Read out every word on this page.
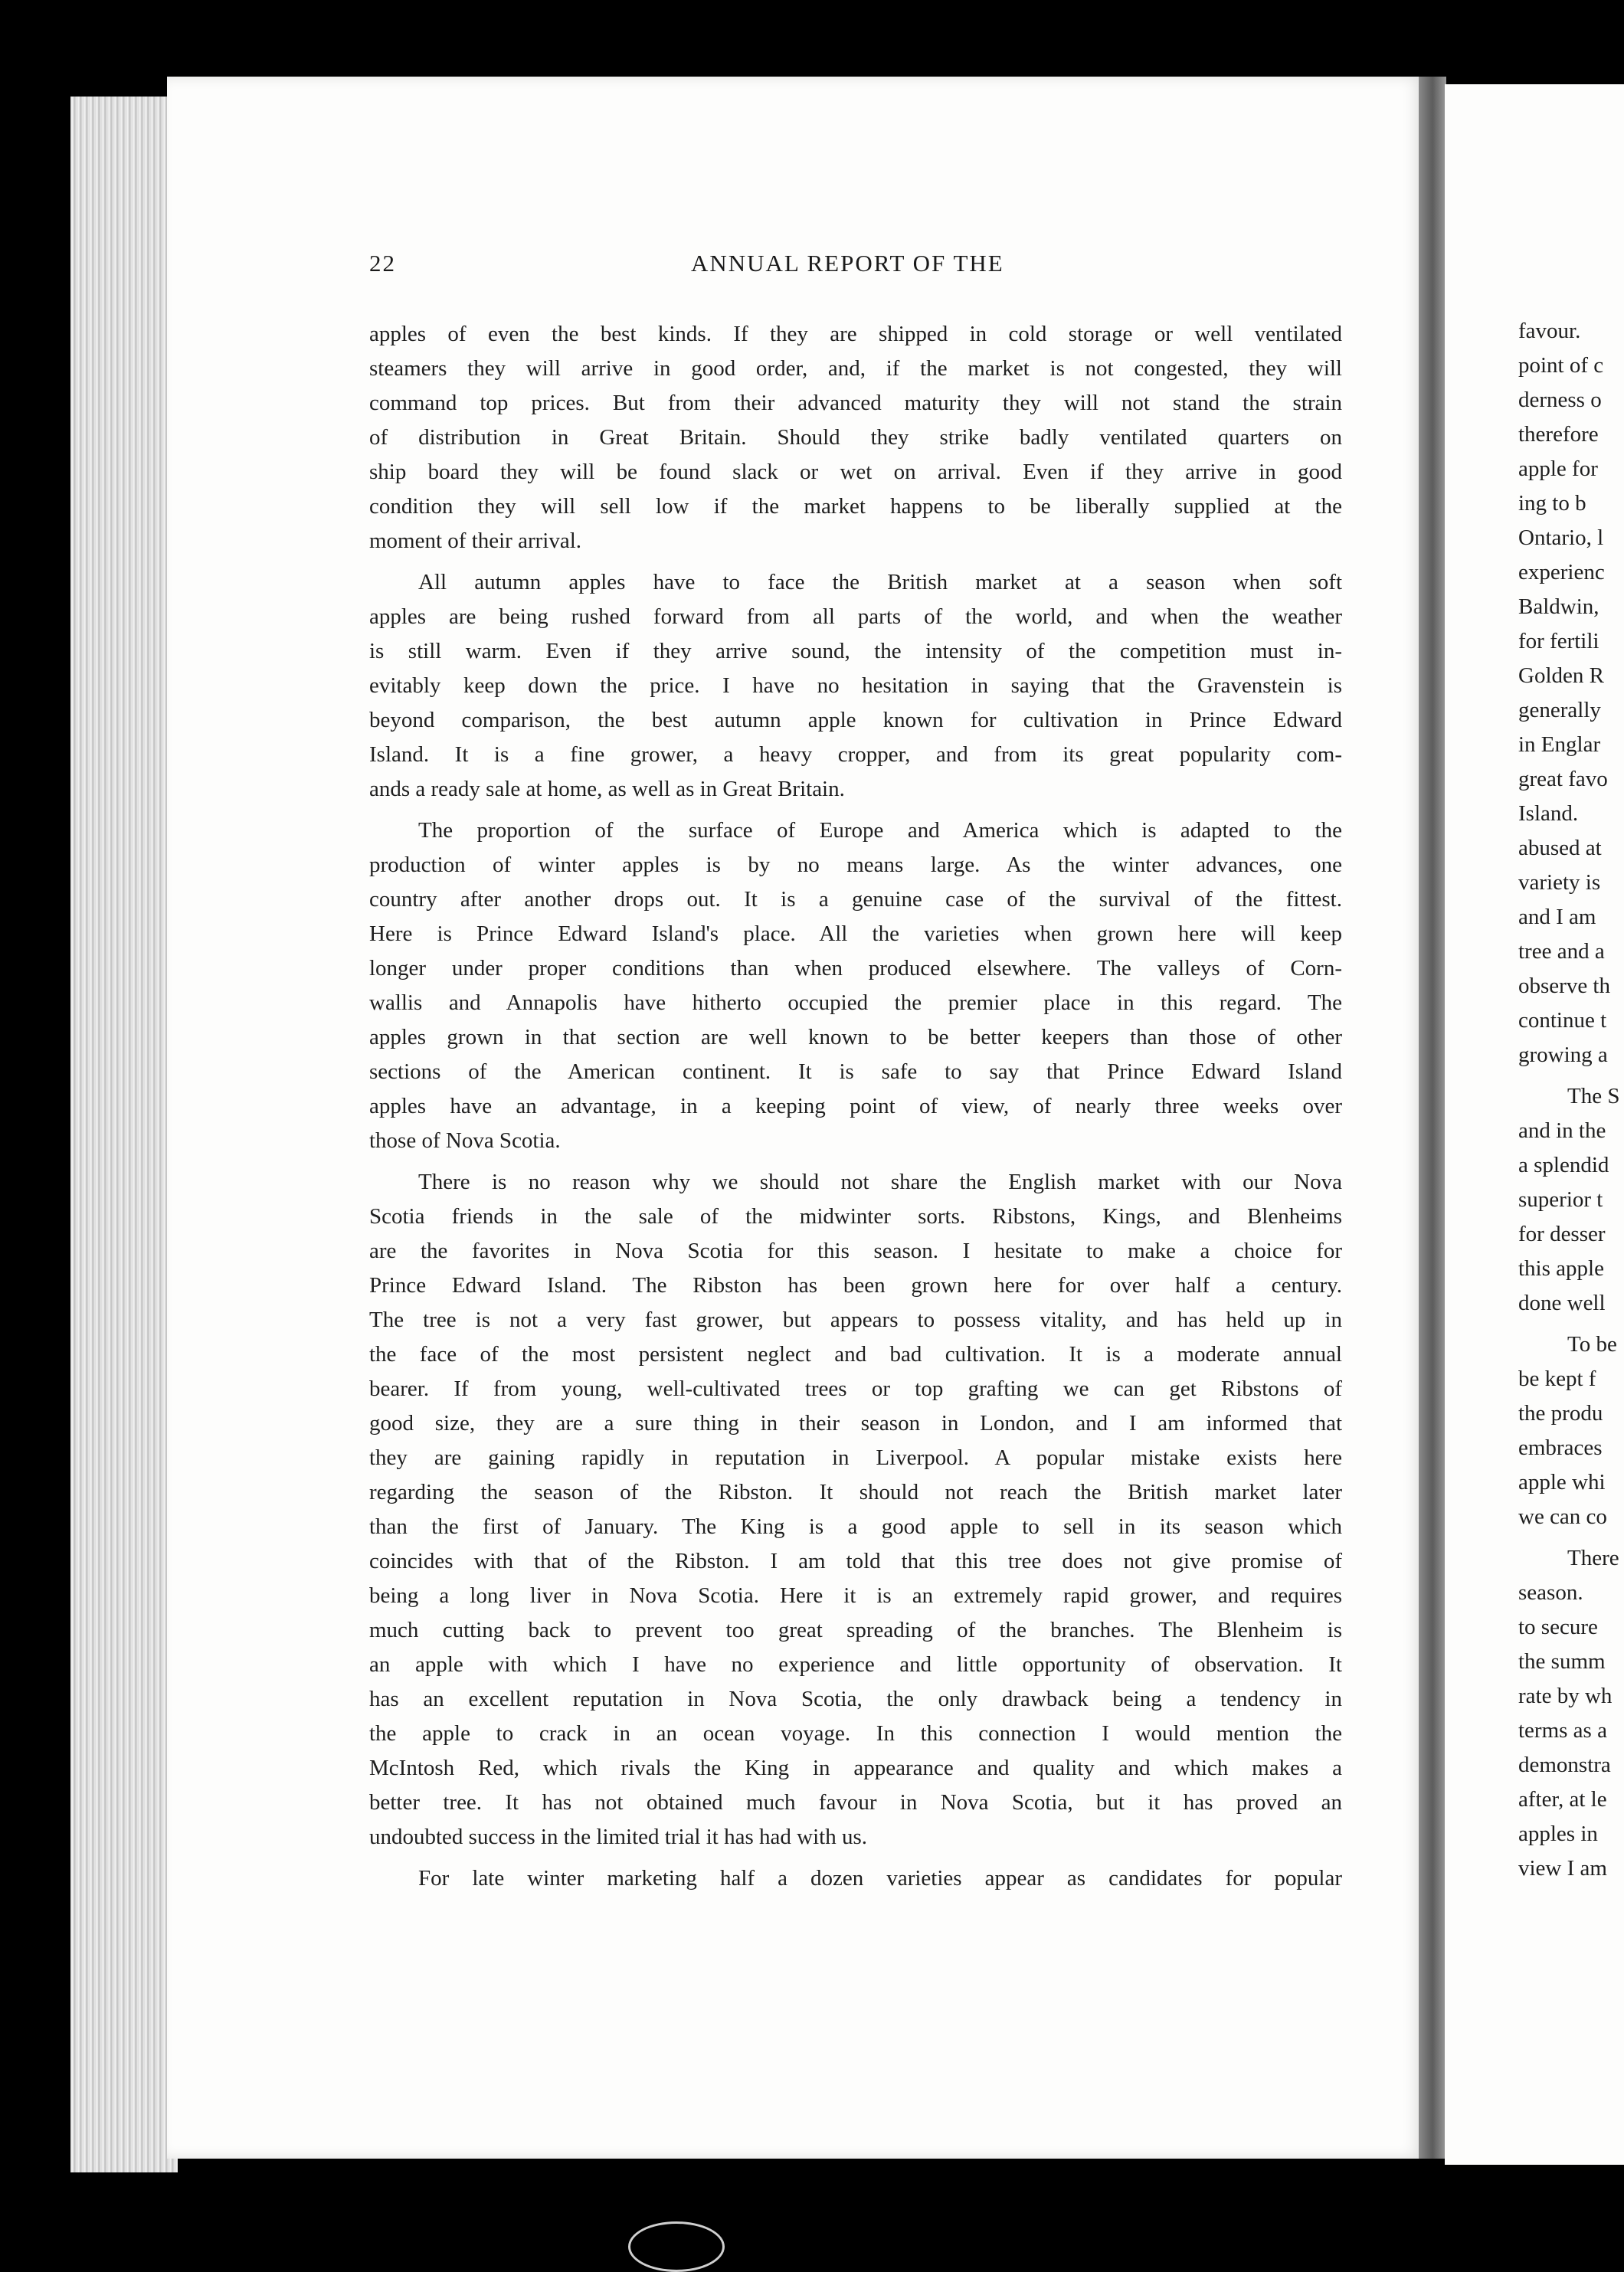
favour.
point of c
derness o
therefore
apple for
ing to b
Ontario, l
experienc
Baldwin,
for fertili
Golden R
generally
in Englar
great favo
Island.
abused at
variety is
and I am
tree and a
observe th
continue t
growing a
The S
and in the
a splendid
superior t
for desser
this apple
done well
To be
be kept f
the produ
embraces
apple whi
we can co
There
season.
to secure
the summ
rate by wh
terms as a
demonstra
after, at le
apples in
view I am
22	ANNUAL REPORT OF THE
apples of even the best kinds. If they are shipped in cold storage or well ventilated
steamers they will arrive in good order, and, if the market is not congested, they will
command top prices. But from their advanced maturity they will not stand the strain
of distribution in Great Britain. Should they strike badly ventilated quarters on
ship board they will be found slack or wet on arrival. Even if they arrive in good
condition they will sell low if the market happens to be liberally supplied at the
moment of their arrival.
All autumn apples have to face the British market at a season when soft
apples are being rushed forward from all parts of the world, and when the weather
is still warm. Even if they arrive sound, the intensity of the competition must in-
evitably keep down the price. I have no hesitation in saying that the Gravenstein is
beyond comparison, the best autumn apple known for cultivation in Prince Edward
Island. It is a fine grower, a heavy cropper, and from its great popularity com-
ands a ready sale at home, as well as in Great Britain.
The proportion of the surface of Europe and America which is adapted to the
production of winter apples is by no means large. As the winter advances, one
country after another drops out. It is a genuine case of the survival of the fittest.
Here is Prince Edward Island's place. All the varieties when grown here will keep
longer under proper conditions than when produced elsewhere. The valleys of Corn-
wallis and Annapolis have hitherto occupied the premier place in this regard. The
apples grown in that section are well known to be better keepers than those of other
sections of the American continent. It is safe to say that Prince Edward Island
apples have an advantage, in a keeping point of view, of nearly three weeks over
those of Nova Scotia.
There is no reason why we should not share the English market with our Nova
Scotia friends in the sale of the midwinter sorts. Ribstons, Kings, and Blenheims
are the favorites in Nova Scotia for this season. I hesitate to make a choice for
Prince Edward Island. The Ribston has been grown here for over half a century.
The tree is not a very fast grower, but appears to possess vitality, and has held up in
the face of the most persistent neglect and bad cultivation. It is a moderate annual
bearer. If from young, well-cultivated trees or top grafting we can get Ribstons of
good size, they are a sure thing in their season in London, and I am informed that
they are gaining rapidly in reputation in Liverpool. A popular mistake exists here
regarding the season of the Ribston. It should not reach the British market later
than the first of January. The King is a good apple to sell in its season which
coincides with that of the Ribston. I am told that this tree does not give promise of
being a long liver in Nova Scotia. Here it is an extremely rapid grower, and requires
much cutting back to prevent too great spreading of the branches. The Blenheim is
an apple with which I have no experience and little opportunity of observation. It
has an excellent reputation in Nova Scotia, the only drawback being a tendency in
the apple to crack in an ocean voyage. In this connection I would mention the
McIntosh Red, which rivals the King in appearance and quality and which makes a
better tree. It has not obtained much favour in Nova Scotia, but it has proved an
undoubted success in the limited trial it has had with us.
For late winter marketing half a dozen varieties appear as candidates for popular
